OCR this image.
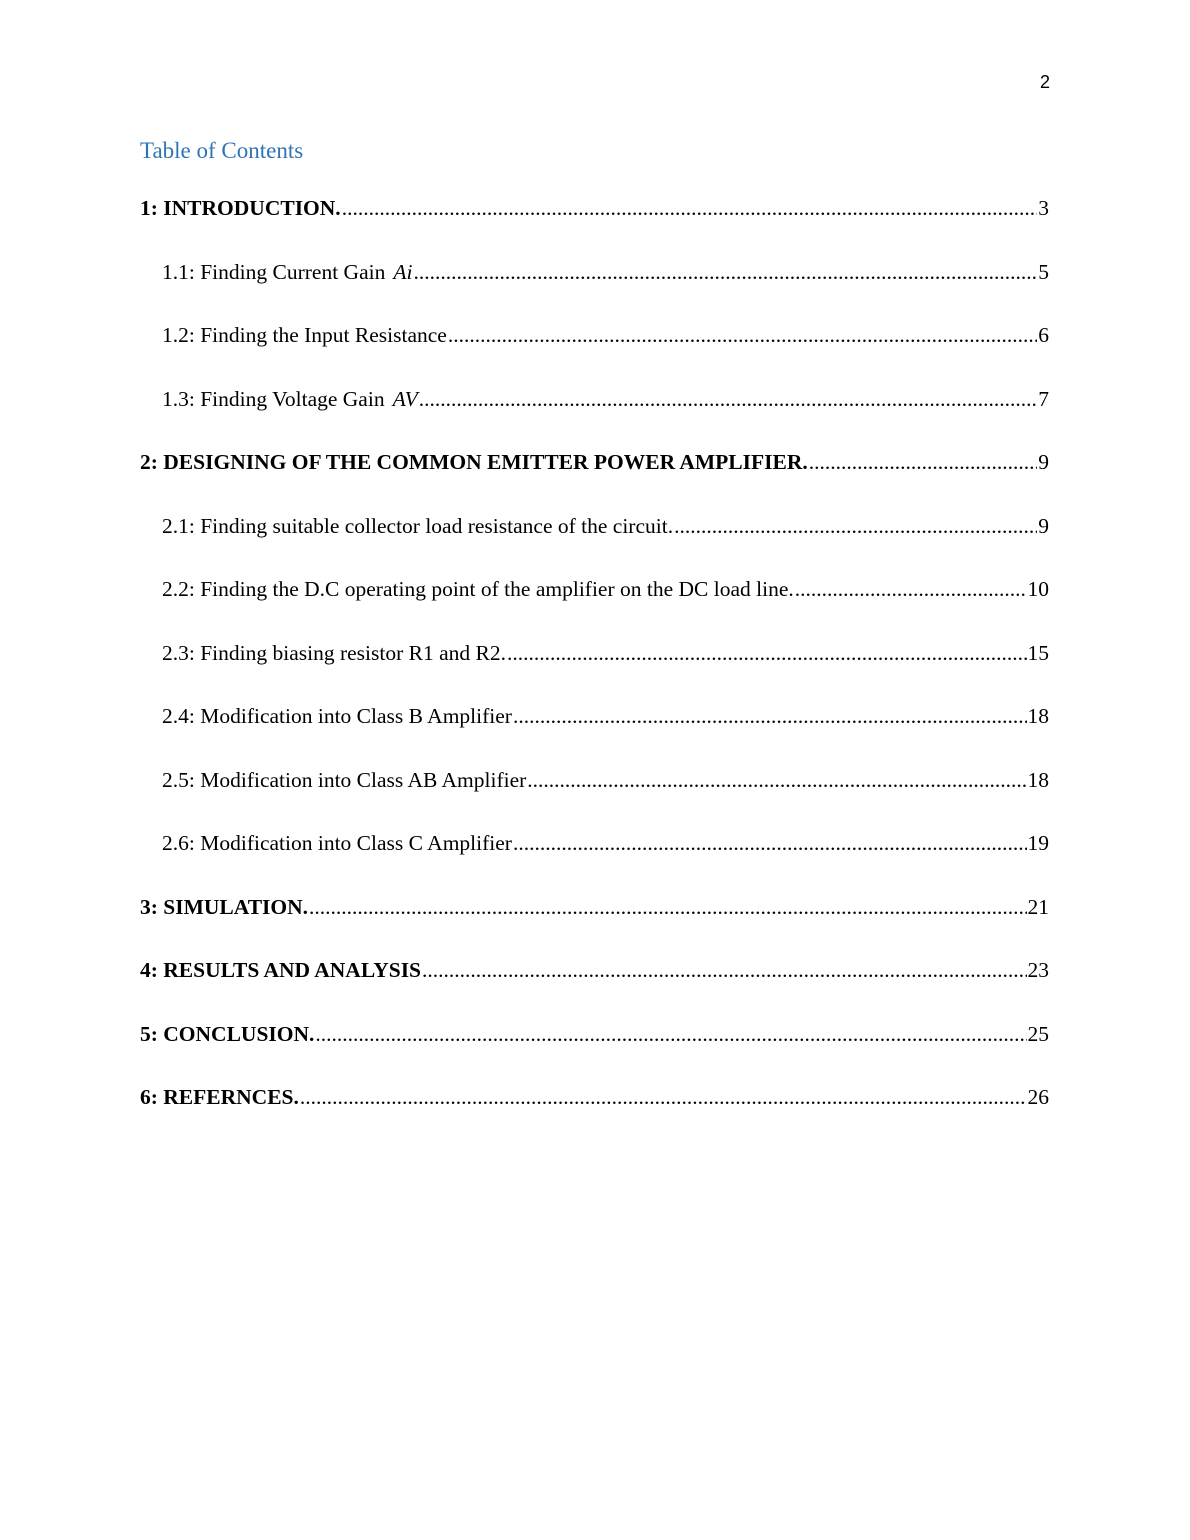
2
Table of Contents
1: INTRODUCTION. .....	3
1.1: Finding Current Gain Ai .....	5
1.2: Finding the Input Resistance .....	6
1.3: Finding Voltage Gain AV .....	7
2: DESIGNING OF THE COMMON EMITTER POWER AMPLIFIER. .....	9
2.1: Finding suitable collector load resistance of the circuit. .....	9
2.2: Finding the D.C operating point of the amplifier on the DC load line. .....	10
2.3: Finding biasing resistor R1 and R2. .....	15
2.4: Modification into Class B Amplifier .....	18
2.5: Modification into Class AB Amplifier .....	18
2.6: Modification into Class C Amplifier .....	19
3: SIMULATION. .....	21
4: RESULTS AND ANALYSIS .....	23
5: CONCLUSION. .....	25
6: REFERNCES. .....	26
